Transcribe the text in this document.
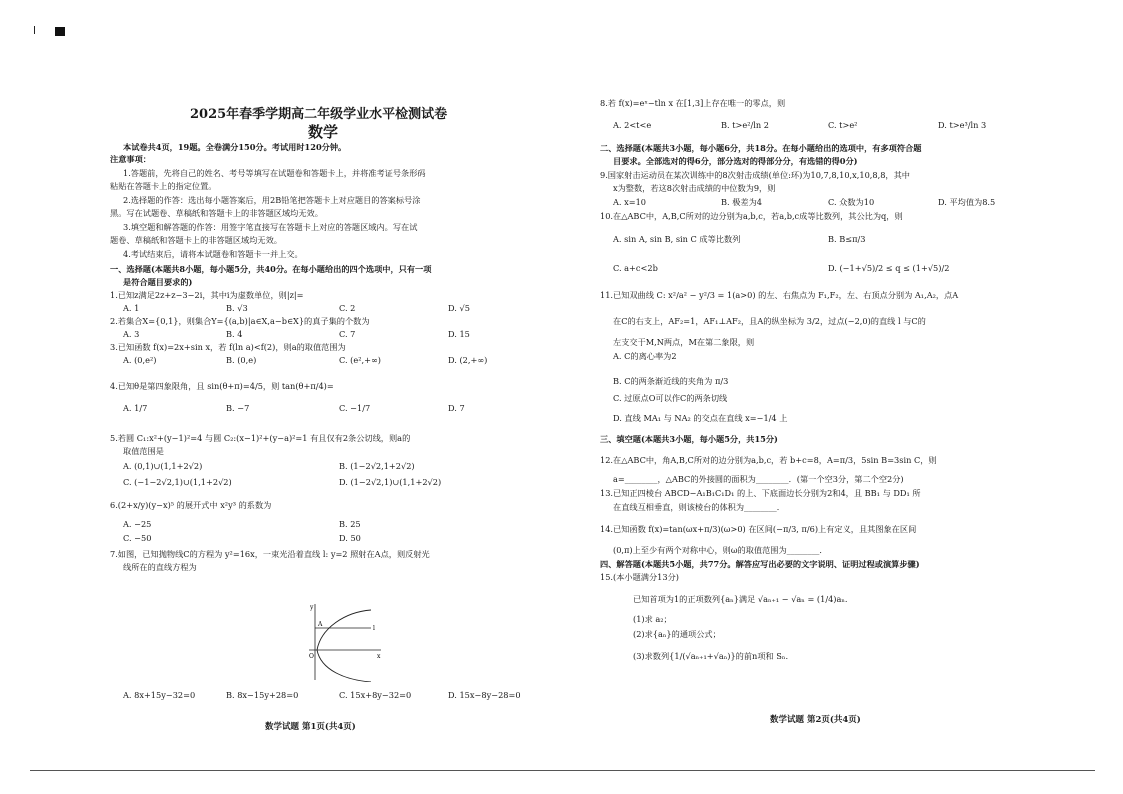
2025年春季学期高二年级学业水平检测试卷
数学
本试卷共4页，19题。全卷满分150分。考试用时120分钟。
注意事项：
1.答题前，先将自己的姓名、考号等填写在试题卷和答题卡上，并将准考证号条形码
粘贴在答题卡上的指定位置。
2.选择题的作答：选出每小题答案后，用2B铅笔把答题卡上对应题目的答案标号涂
黑。写在试题卷、草稿纸和答题卡上的非答题区域均无效。
3.填空题和解答题的作答：用签字笔直接写在答题卡上对应的答题区域内。写在试
题卷、草稿纸和答题卡上的非答题区域均无效。
4.考试结束后，请将本试题卷和答题卡一并上交。
一、选择题(本题共8小题，每小题5分，共40分。在每小题给出的四个选项中，只有一项
是符合题目要求的)
1.已知z满足2z+z−3−2i，其中i为虚数单位，则|z|=
A. 1	B. √3	C. 2	D. √5
2.若集合X={0,1}，则集合Y={(a,b)|a∈X,a−b∈X}的真子集的个数为
A. 3	B. 4	C. 7	D. 15
3.已知函数 f(x)=2x+sin x，若 f(ln a)<f(2)，则a的取值范围为
A. (0,e²)	B. (0,e)	C. (e²,+∞)	D. (2,+∞)
4.已知θ是第四象限角，且 sin(θ+π)=4/5，则 tan(θ+π/4)=
A. 1/7	B. −7	C. −1/7	D. 7
5.若圆 C₁:x²+(y−1)²=4 与圆 C₂:(x−1)²+(y−a)²=1 有且仅有2条公切线，则a的
取值范围是
A. (0,1)∪(1,1+2√2)	B. (1−2√2,1+2√2)
C. (−1−2√2,1)∪(1,1+2√2)	D. (1−2√2,1)∪(1,1+2√2)
6.(2+x/y)(y−x)⁵ 的展开式中 x²y³ 的系数为
A. −25	B. 25
C. −50	D. 50
7.如图，已知抛物线C的方程为 y²=16x，一束光沿着直线 l: y=2 照射在A点，则反射光
线所在的直线方程为
y
O	x
A
l
A. 8x+15y−32=0	B. 8x−15y+28=0	C. 15x+8y−32=0	D. 15x−8y−28=0
数学试题 第1页(共4页)
8.若 f(x)=eˣ−tln x 在[1,3]上存在唯一的零点，则
A. 2<t<e	B. t>e²/ln 2	C. t>e²	D. t>e³/ln 3
二、选择题(本题共3小题，每小题6分，共18分。在每小题给出的选项中，有多项符合题
目要求。全部选对的得6分，部分选对的得部分分，有选错的得0分)
9.国家射击运动员在某次训练中的8次射击成绩(单位:环)为10,7,8,10,x,10,8,8，其中
x为整数，若这8次射击成绩的中位数为9，则
A. x=10	B. 极差为4	C. 众数为10	D. 平均值为8.5
10.在△ABC中，A,B,C所对的边分别为a,b,c，若a,b,c成等比数列，其公比为q，则
A. sin A, sin B, sin C 成等比数列	B. B≤π/3
C. a+c<2b	D. (−1+√5)/2 ≤ q ≤ (1+√5)/2
11.已知双曲线 C: x²/a² − y²/3 = 1(a>0) 的左、右焦点为 F₁,F₂，左、右顶点分别为 A₁,A₂，点A
在C的右支上，AF₂=1，AF₁⊥AF₂，且A的纵坐标为 3/2，过点(−2,0)的直线 l 与C的
左支交于M,N两点，M在第二象限，则
A. C的离心率为2
B. C的两条渐近线的夹角为 π/3
C. 过原点O可以作C的两条切线
D. 直线 MA₁ 与 NA₂ 的交点在直线 x=−1/4 上
三、填空题(本题共3小题，每小题5分，共15分)
12.在△ABC中，角A,B,C所对的边分别为a,b,c，若 b+c=8，A=π/3，5sin B=3sin C，则
a=________，△ABC的外接圆的面积为________．(第一个空3分，第二个空2分)
13.已知正四棱台 ABCD−A₁B₁C₁D₁ 的上、下底面边长分别为2和4，且 BB₁ 与 DD₁ 所
在直线互相垂直，则该棱台的体积为________．
14.已知函数 f(x)=tan(ωx+π/3)(ω>0) 在区间(−π/3, π/6)上有定义，且其图象在区间
(0,π)上至少有两个对称中心，则ω的取值范围为________．
四、解答题(本题共5小题，共77分。解答应写出必要的文字说明、证明过程或演算步骤)
15.(本小题满分13分)
已知首项为1的正项数列{aₙ}满足 √aₙ₊₁ − √aₙ = (1/4)aₙ.
(1)求 a₂；
(2)求{aₙ}的通项公式；
(3)求数列{1/(√aₙ₊₁+√aₙ)}的前n项和 Sₙ.
数学试题 第2页(共4页)
